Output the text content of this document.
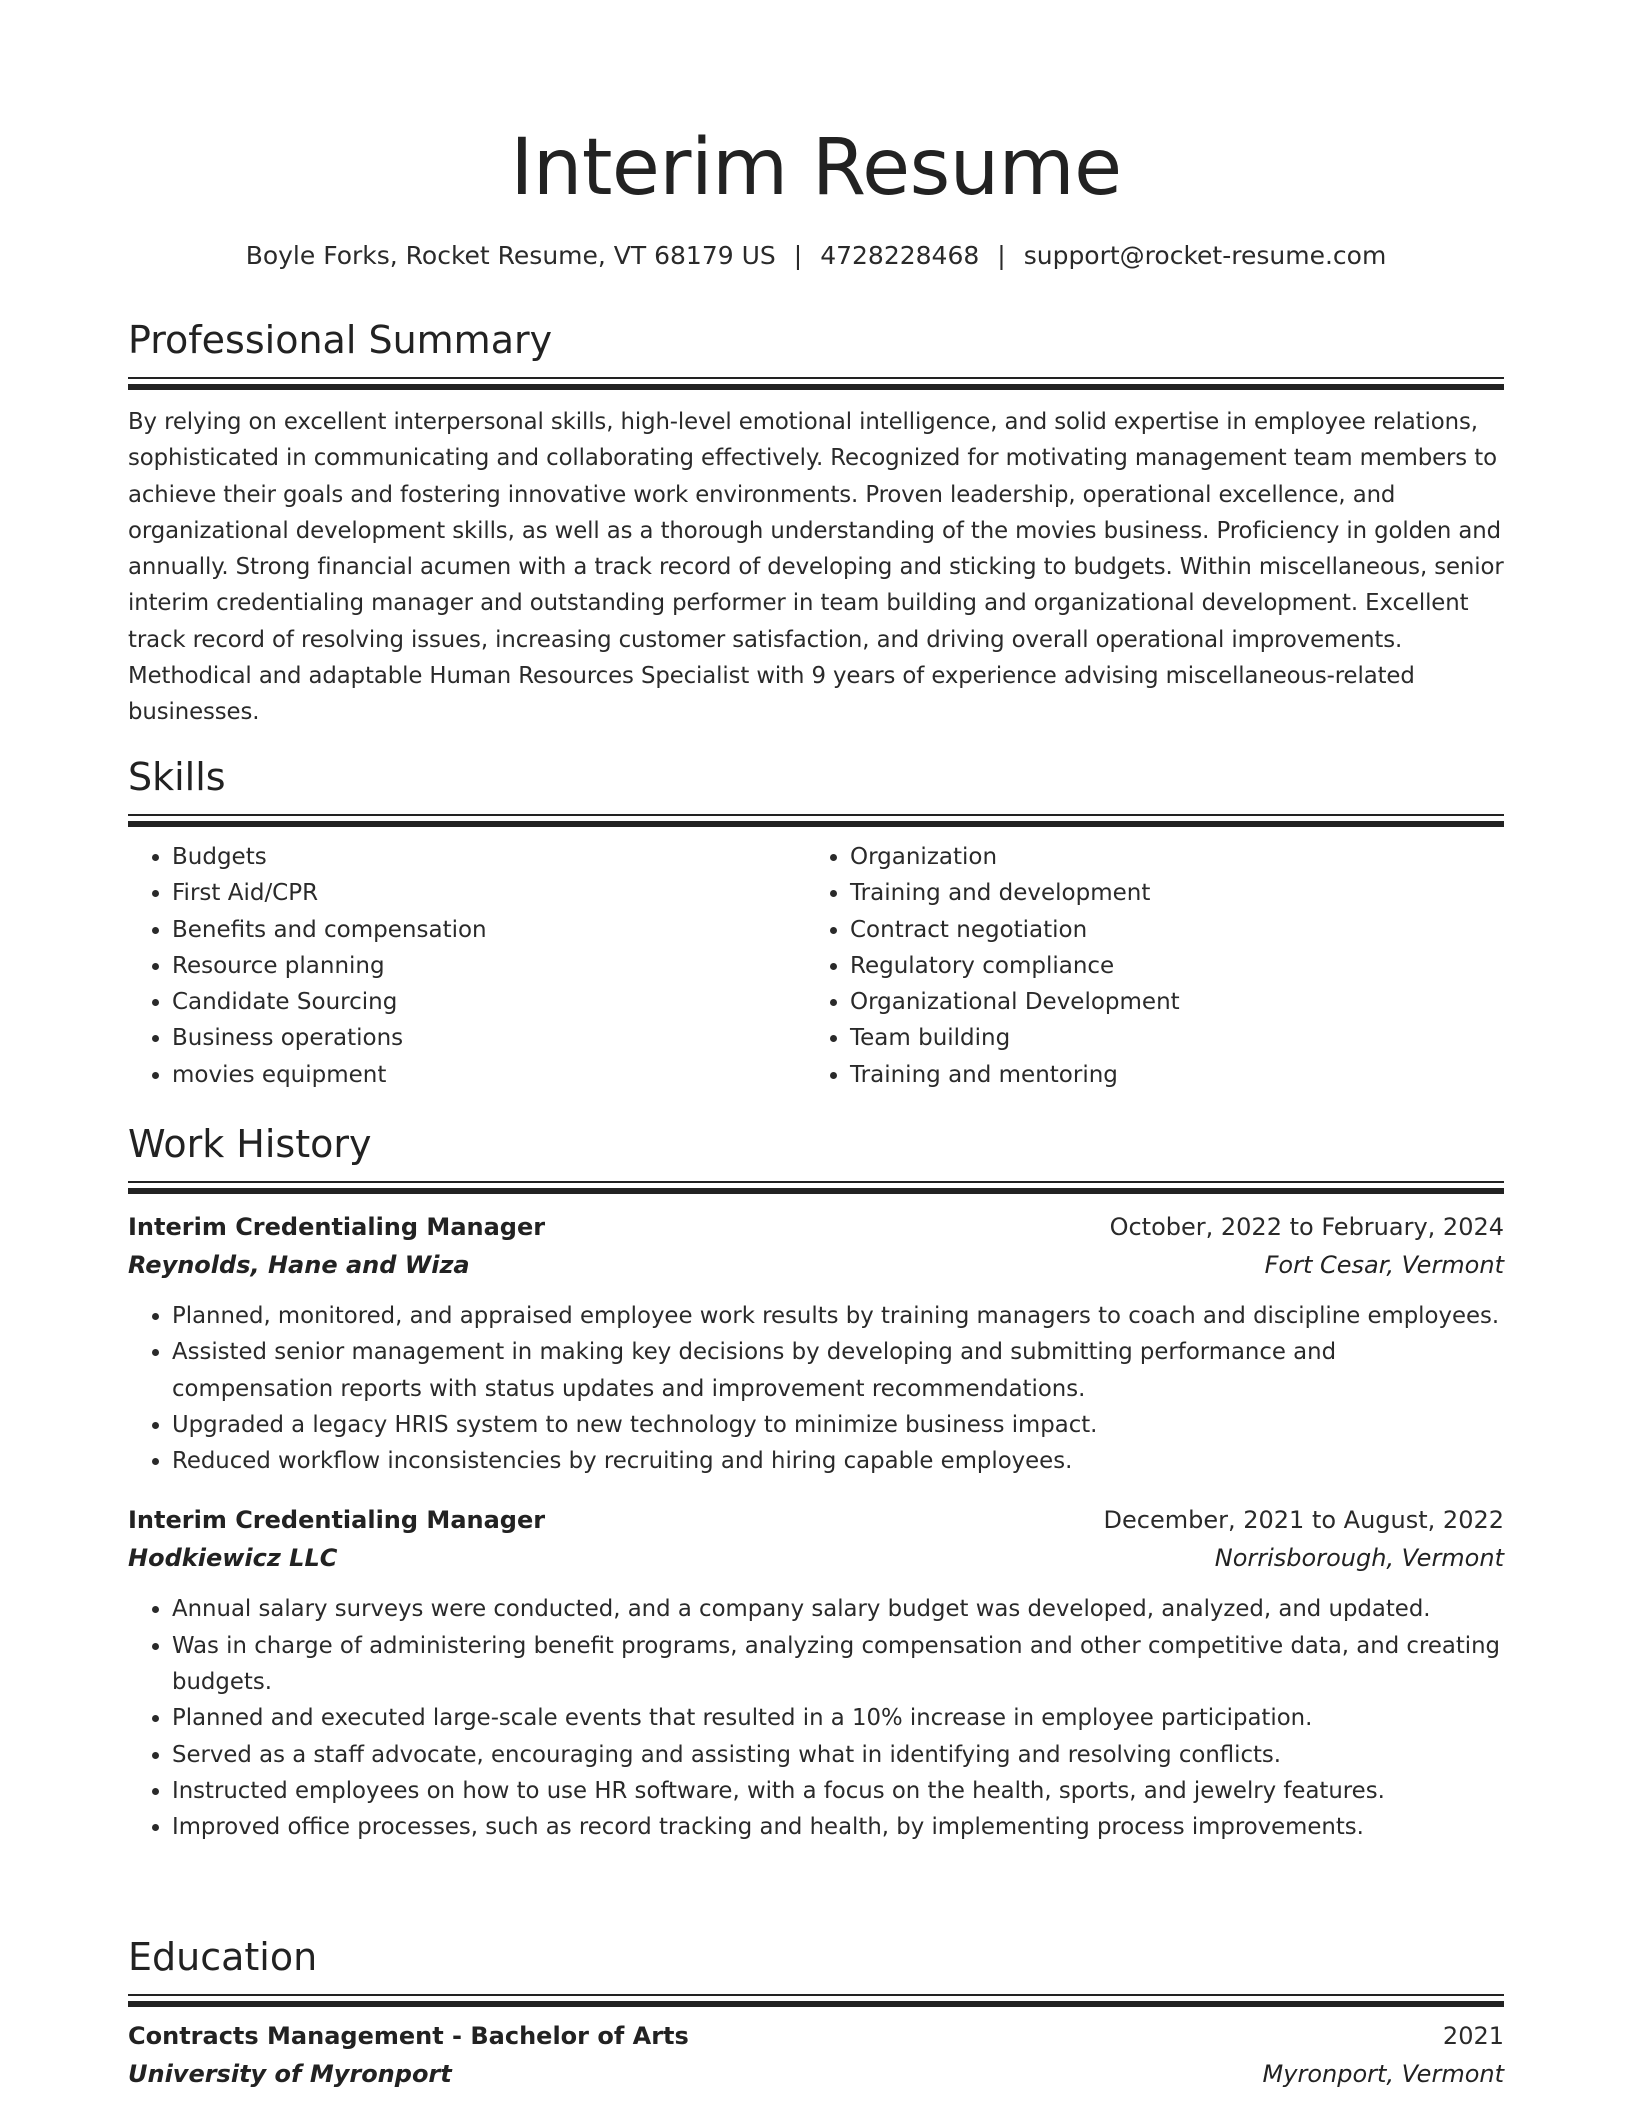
Interim Resume
Boyle Forks, Rocket Resume, VT 68179 US | 4728228468 | support@rocket-resume.com
Professional Summary

By relying on excellent interpersonal skills, high-level emotional intelligence, and solid expertise in employee relations, sophisticated in communicating and collaborating effectively. Recognized for motivating management team members to achieve their goals and fostering innovative work environments. Proven leadership, operational excellence, and organizational development skills, as well as a thorough understanding of the movies business. Proficiency in golden and annually. Strong financial acumen with a track record of developing and sticking to budgets. Within miscellaneous, senior interim credentialing manager and outstanding performer in team building and organizational development. Excellent track record of resolving issues, increasing customer satisfaction, and driving overall operational improvements. Methodical and adaptable Human Resources Specialist with 9 years of experience advising miscellaneous-related businesses.

Skills
• Budgets
• First Aid/CPR
• Benefits and compensation
• Resource planning
• Candidate Sourcing
• Business operations
• movies equipment
• Organization
• Training and development
• Contract negotiation
• Regulatory compliance
• Organizational Development
• Team building
• Training and mentoring
Work History
Interim Credentialing Manager	October, 2022 to February, 2024
Reynolds, Hane and Wiza	Fort Cesar, Vermont
• Planned, monitored, and appraised employee work results by training managers to coach and discipline employees.
• Assisted senior management in making key decisions by developing and submitting performance and compensation reports with status updates and improvement recommendations.
• Upgraded a legacy HRIS system to new technology to minimize business impact.
• Reduced workflow inconsistencies by recruiting and hiring capable employees.
Interim Credentialing Manager	December, 2021 to August, 2022
Hodkiewicz LLC	Norrisborough, Vermont
• Annual salary surveys were conducted, and a company salary budget was developed, analyzed, and updated.
• Was in charge of administering benefit programs, analyzing compensation and other competitive data, and creating budgets.
• Planned and executed large-scale events that resulted in a 10% increase in employee participation.
• Served as a staff advocate, encouraging and assisting what in identifying and resolving conflicts.
• Instructed employees on how to use HR software, with a focus on the health, sports, and jewelry features.
• Improved office processes, such as record tracking and health, by implementing process improvements.
Education
Contracts Management - Bachelor of Arts	2021
University of Myronport	Myronport, Vermont
